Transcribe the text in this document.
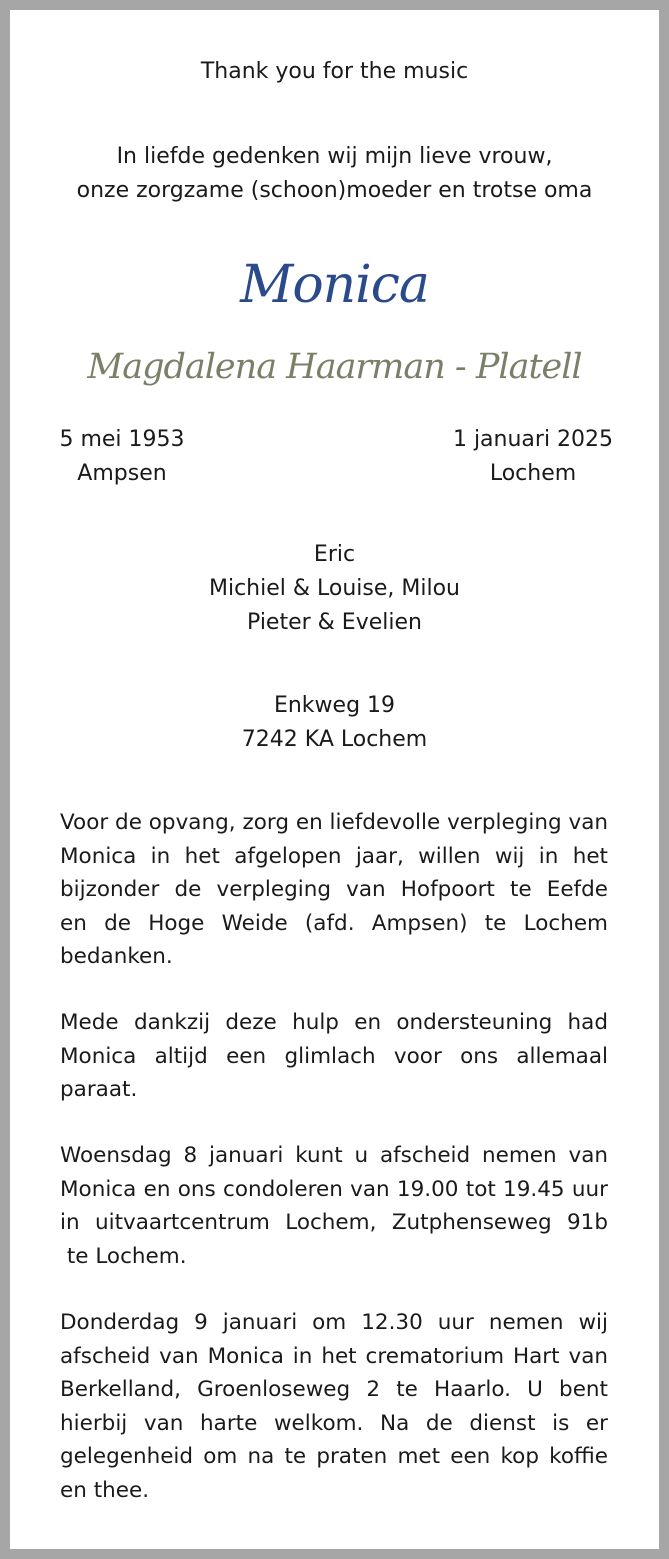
Thank you for the music
In liefde gedenken wij mijn lieve vrouw,
onze zorgzame (schoon)moeder en trotse oma
Monica
Magdalena Haarman - Platell
5 mei 1953
Ampsen
1 januari 2025
Lochem
Eric
Michiel & Louise, Milou
Pieter & Evelien
Enkweg 19
7242 KA Lochem
Voor de opvang, zorg en liefdevolle verpleging van
Monica in het afgelopen jaar, willen wij in het
bijzonder de verpleging van Hofpoort te Eefde
en de Hoge Weide (afd. Ampsen) te Lochem
bedanken.
Mede dankzij deze hulp en ondersteuning had
Monica altijd een glimlach voor ons allemaal
paraat.
Woensdag 8 januari kunt u afscheid nemen van
Monica en ons condoleren van 19.00 tot 19.45 uur
in uitvaartcentrum Lochem, Zutphenseweg 91b
te Lochem.
Donderdag 9 januari om 12.30 uur nemen wij
afscheid van Monica in het crematorium Hart van
Berkelland, Groenloseweg 2 te Haarlo. U bent
hierbij van harte welkom. Na de dienst is er
gelegenheid om na te praten met een kop koffie
en thee.
